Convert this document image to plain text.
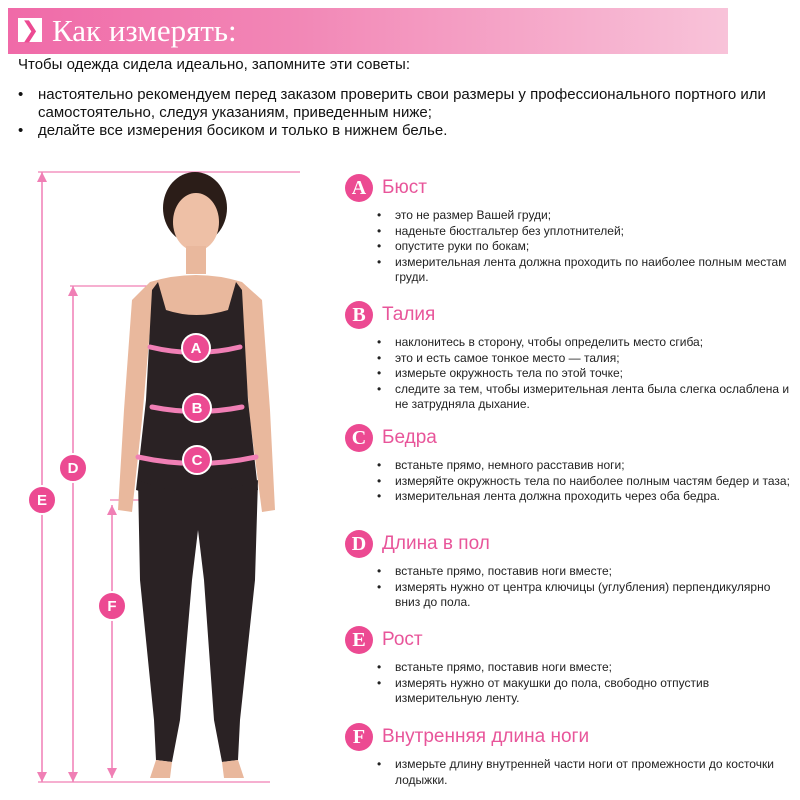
❯ Как измерять:
Чтобы одежда сидела идеально, запомните эти советы:
• настоятельно рекомендуем перед заказом проверить свои размеры у профессионального портного или самостоятельно, следуя указаниям, приведенным ниже;
• делайте все измерения босиком и только в нижнем белье.
A
B
C
D
E
F
A Бюст
• это не размер Вашей груди;
• наденьте бюстгальтер без уплотнителей;
• опустите руки по бокам;
• измерительная лента должна проходить по наиболее полным местам груди.
B Талия
• наклонитесь в сторону, чтобы определить место сгиба;
• это и есть самое тонкое место — талия;
• измерьте окружность тела по этой точке;
• следите за тем, чтобы измерительная лента была слегка ослаблена и не затрудняла дыхание.
C Бедра
• встаньте прямо, немного расставив ноги;
• измеряйте окружность тела по наиболее полным частям бедер и таза;
• измерительная лента должна проходить через оба бедра.
D Длина в пол
• встаньте прямо, поставив ноги вместе;
• измерять нужно от центра ключицы (углубления) перпендикулярно вниз до пола.
E Рост
• встаньте прямо, поставив ноги вместе;
• измерять нужно от макушки до пола, свободно отпустив измерительную ленту.
F Внутренняя длина ноги
• измерьте длину внутренней части ноги от промежности до косточки лодыжки.
